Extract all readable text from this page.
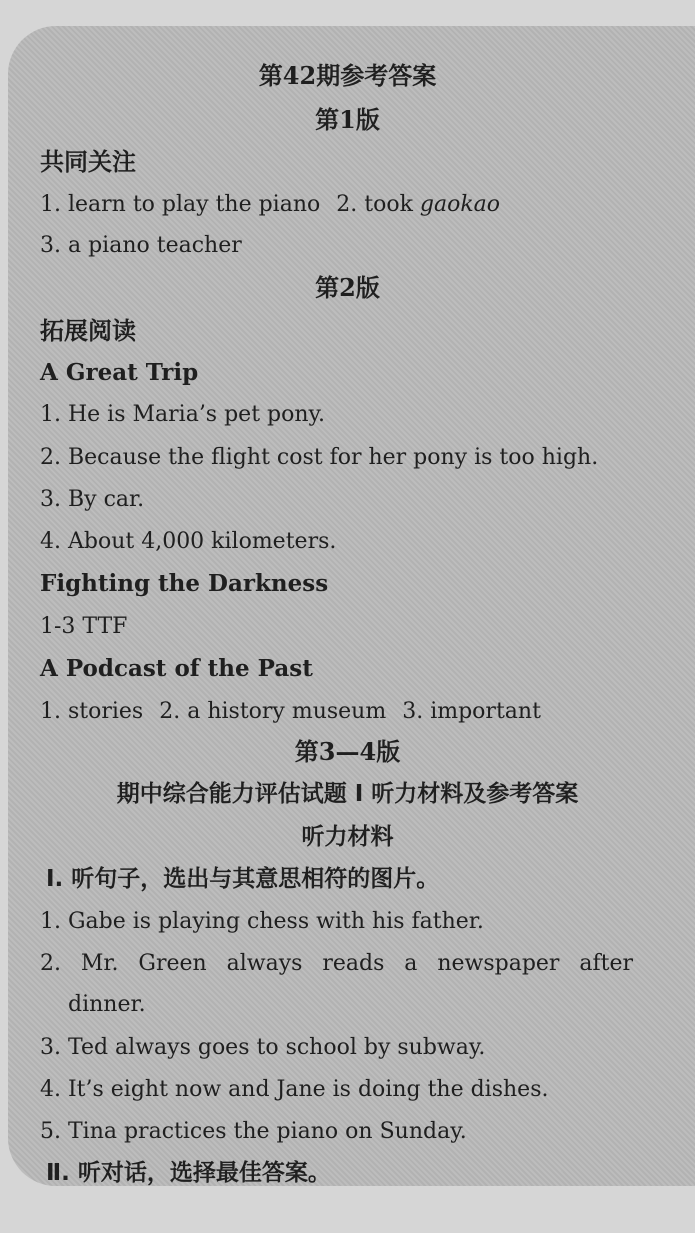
第42期参考答案
第1版
共同关注
1. learn to play the piano 2. took gaokao
3. a piano teacher
第2版
拓展阅读
A Great Trip
1. He is Maria’s pet pony.
2. Because the flight cost for her pony is too high.
3. By car.
4. About 4,000 kilometers.
Fighting the Darkness
1-3 TTF
A Podcast of the Past
1. stories 2. a history museum 3. important
第3—4版
期中综合能力评估试题 I 听力材料及参考答案
听力材料
Ⅰ. 听句子，选出与其意思相符的图片。
1. Gabe is playing chess with his father.
2. Mr. Green always reads a newspaper after
dinner.
3. Ted always goes to school by subway.
4. It’s eight now and Jane is doing the dishes.
5. Tina practices the piano on Sunday.
Ⅱ. 听对话，选择最佳答案。
